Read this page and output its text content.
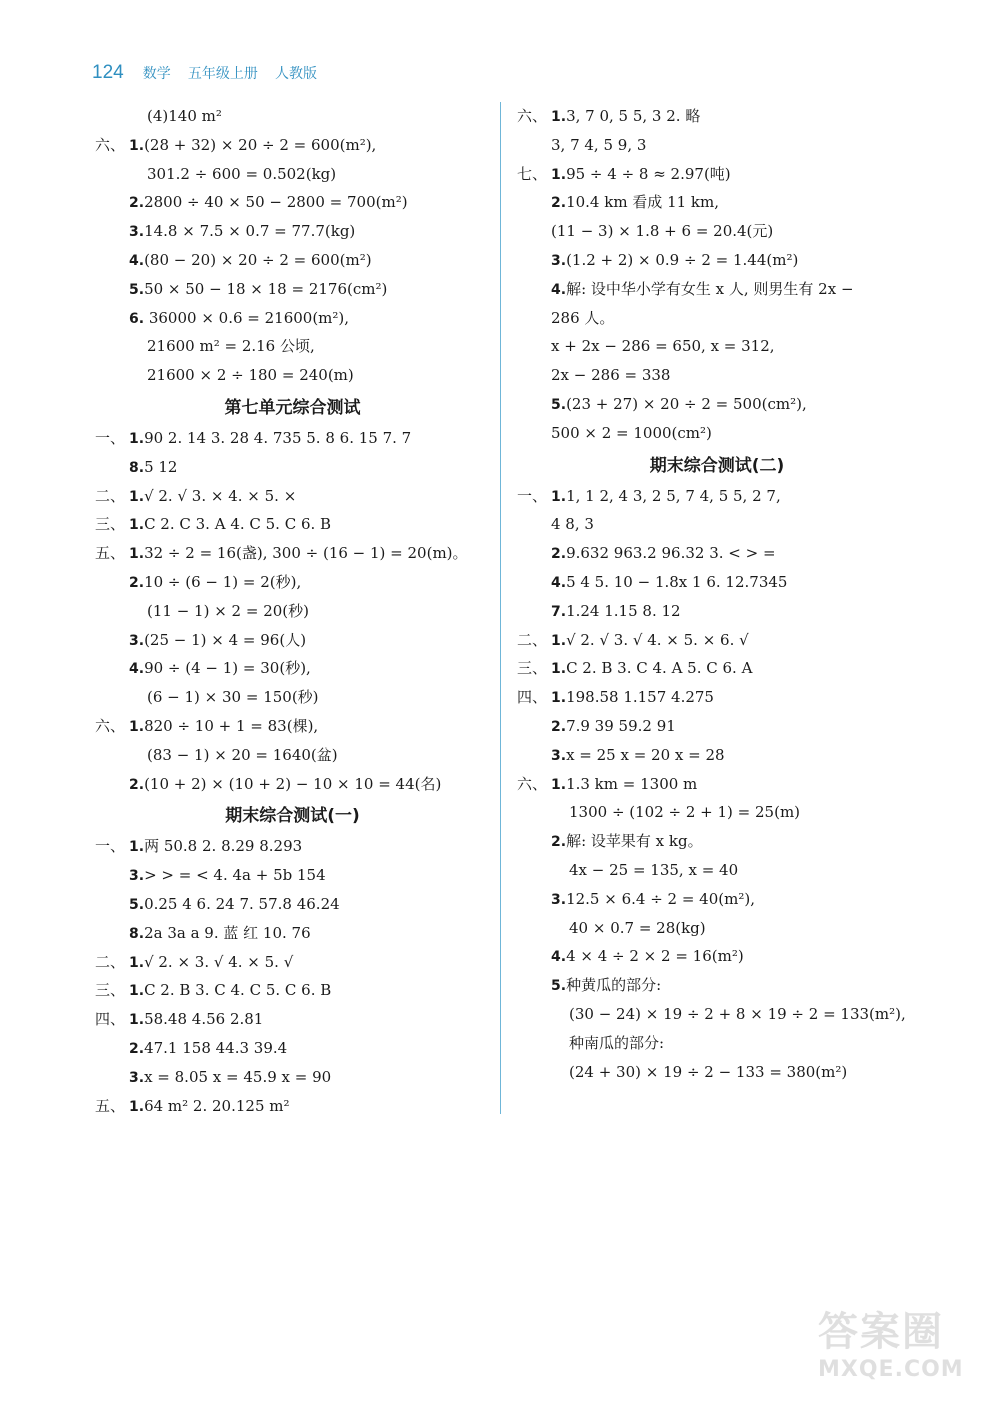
124 数学 五年级上册 人教版
(4)140 m²
六、 1.(28 + 32) × 20 ÷ 2 = 600(m²),
301.2 ÷ 600 = 0.502(kg)
2.2800 ÷ 40 × 50 − 2800 = 700(m²)
3.14.8 × 7.5 × 0.7 = 77.7(kg)
4.(80 − 20) × 20 ÷ 2 = 600(m²)
5.50 × 50 − 18 × 18 = 2176(cm²)
6. 36000 × 0.6 = 21600(m²),
21600 m² = 2.16 公顷,
21600 × 2 ÷ 180 = 240(m)
第七单元综合测试
一、 1.90 2. 14 3. 28 4. 735 5. 8 6. 15 7. 7
8.5 12
二、 1.√ 2. √ 3. × 4. × 5. ×
三、 1.C 2. C 3. A 4. C 5. C 6. B
五、 1.32 ÷ 2 = 16(盏), 300 ÷ (16 − 1) = 20(m)。
2.10 ÷ (6 − 1) = 2(秒),
(11 − 1) × 2 = 20(秒)
3.(25 − 1) × 4 = 96(人)
4.90 ÷ (4 − 1) = 30(秒),
(6 − 1) × 30 = 150(秒)
六、 1.820 ÷ 10 + 1 = 83(棵),
(83 − 1) × 20 = 1640(盆)
2.(10 + 2) × (10 + 2) − 10 × 10 = 44(名)
期末综合测试(一)
一、 1.两 50.8 2. 8.29 8.293
3.> > = < 4. 4a + 5b 154
5.0.25 4 6. 24 7. 57.8 46.24
8.2a 3a a 9. 蓝 红 10. 76
二、 1.√ 2. × 3. √ 4. × 5. √
三、 1.C 2. B 3. C 4. C 5. C 6. B
四、 1.58.48 4.56 2.81
2.47.1 158 44.3 39.4
3.x = 8.05 x = 45.9 x = 90
五、 1.64 m² 2. 20.125 m²
六、 1.3, 7 0, 5 5, 3 2. 略
3, 7 4, 5 9, 3
七、 1.95 ÷ 4 ÷ 8 ≈ 2.97(吨)
2.10.4 km 看成 11 km,
(11 − 3) × 1.8 + 6 = 20.4(元)
3.(1.2 + 2) × 0.9 ÷ 2 = 1.44(m²)
4.解: 设中华小学有女生 x 人, 则男生有 2x −
286 人。
x + 2x − 286 = 650, x = 312,
2x − 286 = 338
5.(23 + 27) × 20 ÷ 2 = 500(cm²),
500 × 2 = 1000(cm²)
期末综合测试(二)
一、 1.1, 1 2, 4 3, 2 5, 7 4, 5 5, 2 7,
4 8, 3
2.9.632 963.2 96.32 3. < > =
4.5 4 5. 10 − 1.8x 1 6. 12.7345
7.1.24 1.15 8. 12
二、 1.√ 2. √ 3. √ 4. × 5. × 6. √
三、 1.C 2. B 3. C 4. A 5. C 6. A
四、 1.198.58 1.157 4.275
2.7.9 39 59.2 91
3.x = 25 x = 20 x = 28
六、 1.1.3 km = 1300 m
1300 ÷ (102 ÷ 2 + 1) = 25(m)
2.解: 设苹果有 x kg。
4x − 25 = 135, x = 40
3.12.5 × 6.4 ÷ 2 = 40(m²),
40 × 0.7 = 28(kg)
4.4 × 4 ÷ 2 × 2 = 16(m²)
5.种黄瓜的部分:
(30 − 24) × 19 ÷ 2 + 8 × 19 ÷ 2 = 133(m²),
种南瓜的部分:
(24 + 30) × 19 ÷ 2 − 133 = 380(m²)
答案圈
MXQE.COM
